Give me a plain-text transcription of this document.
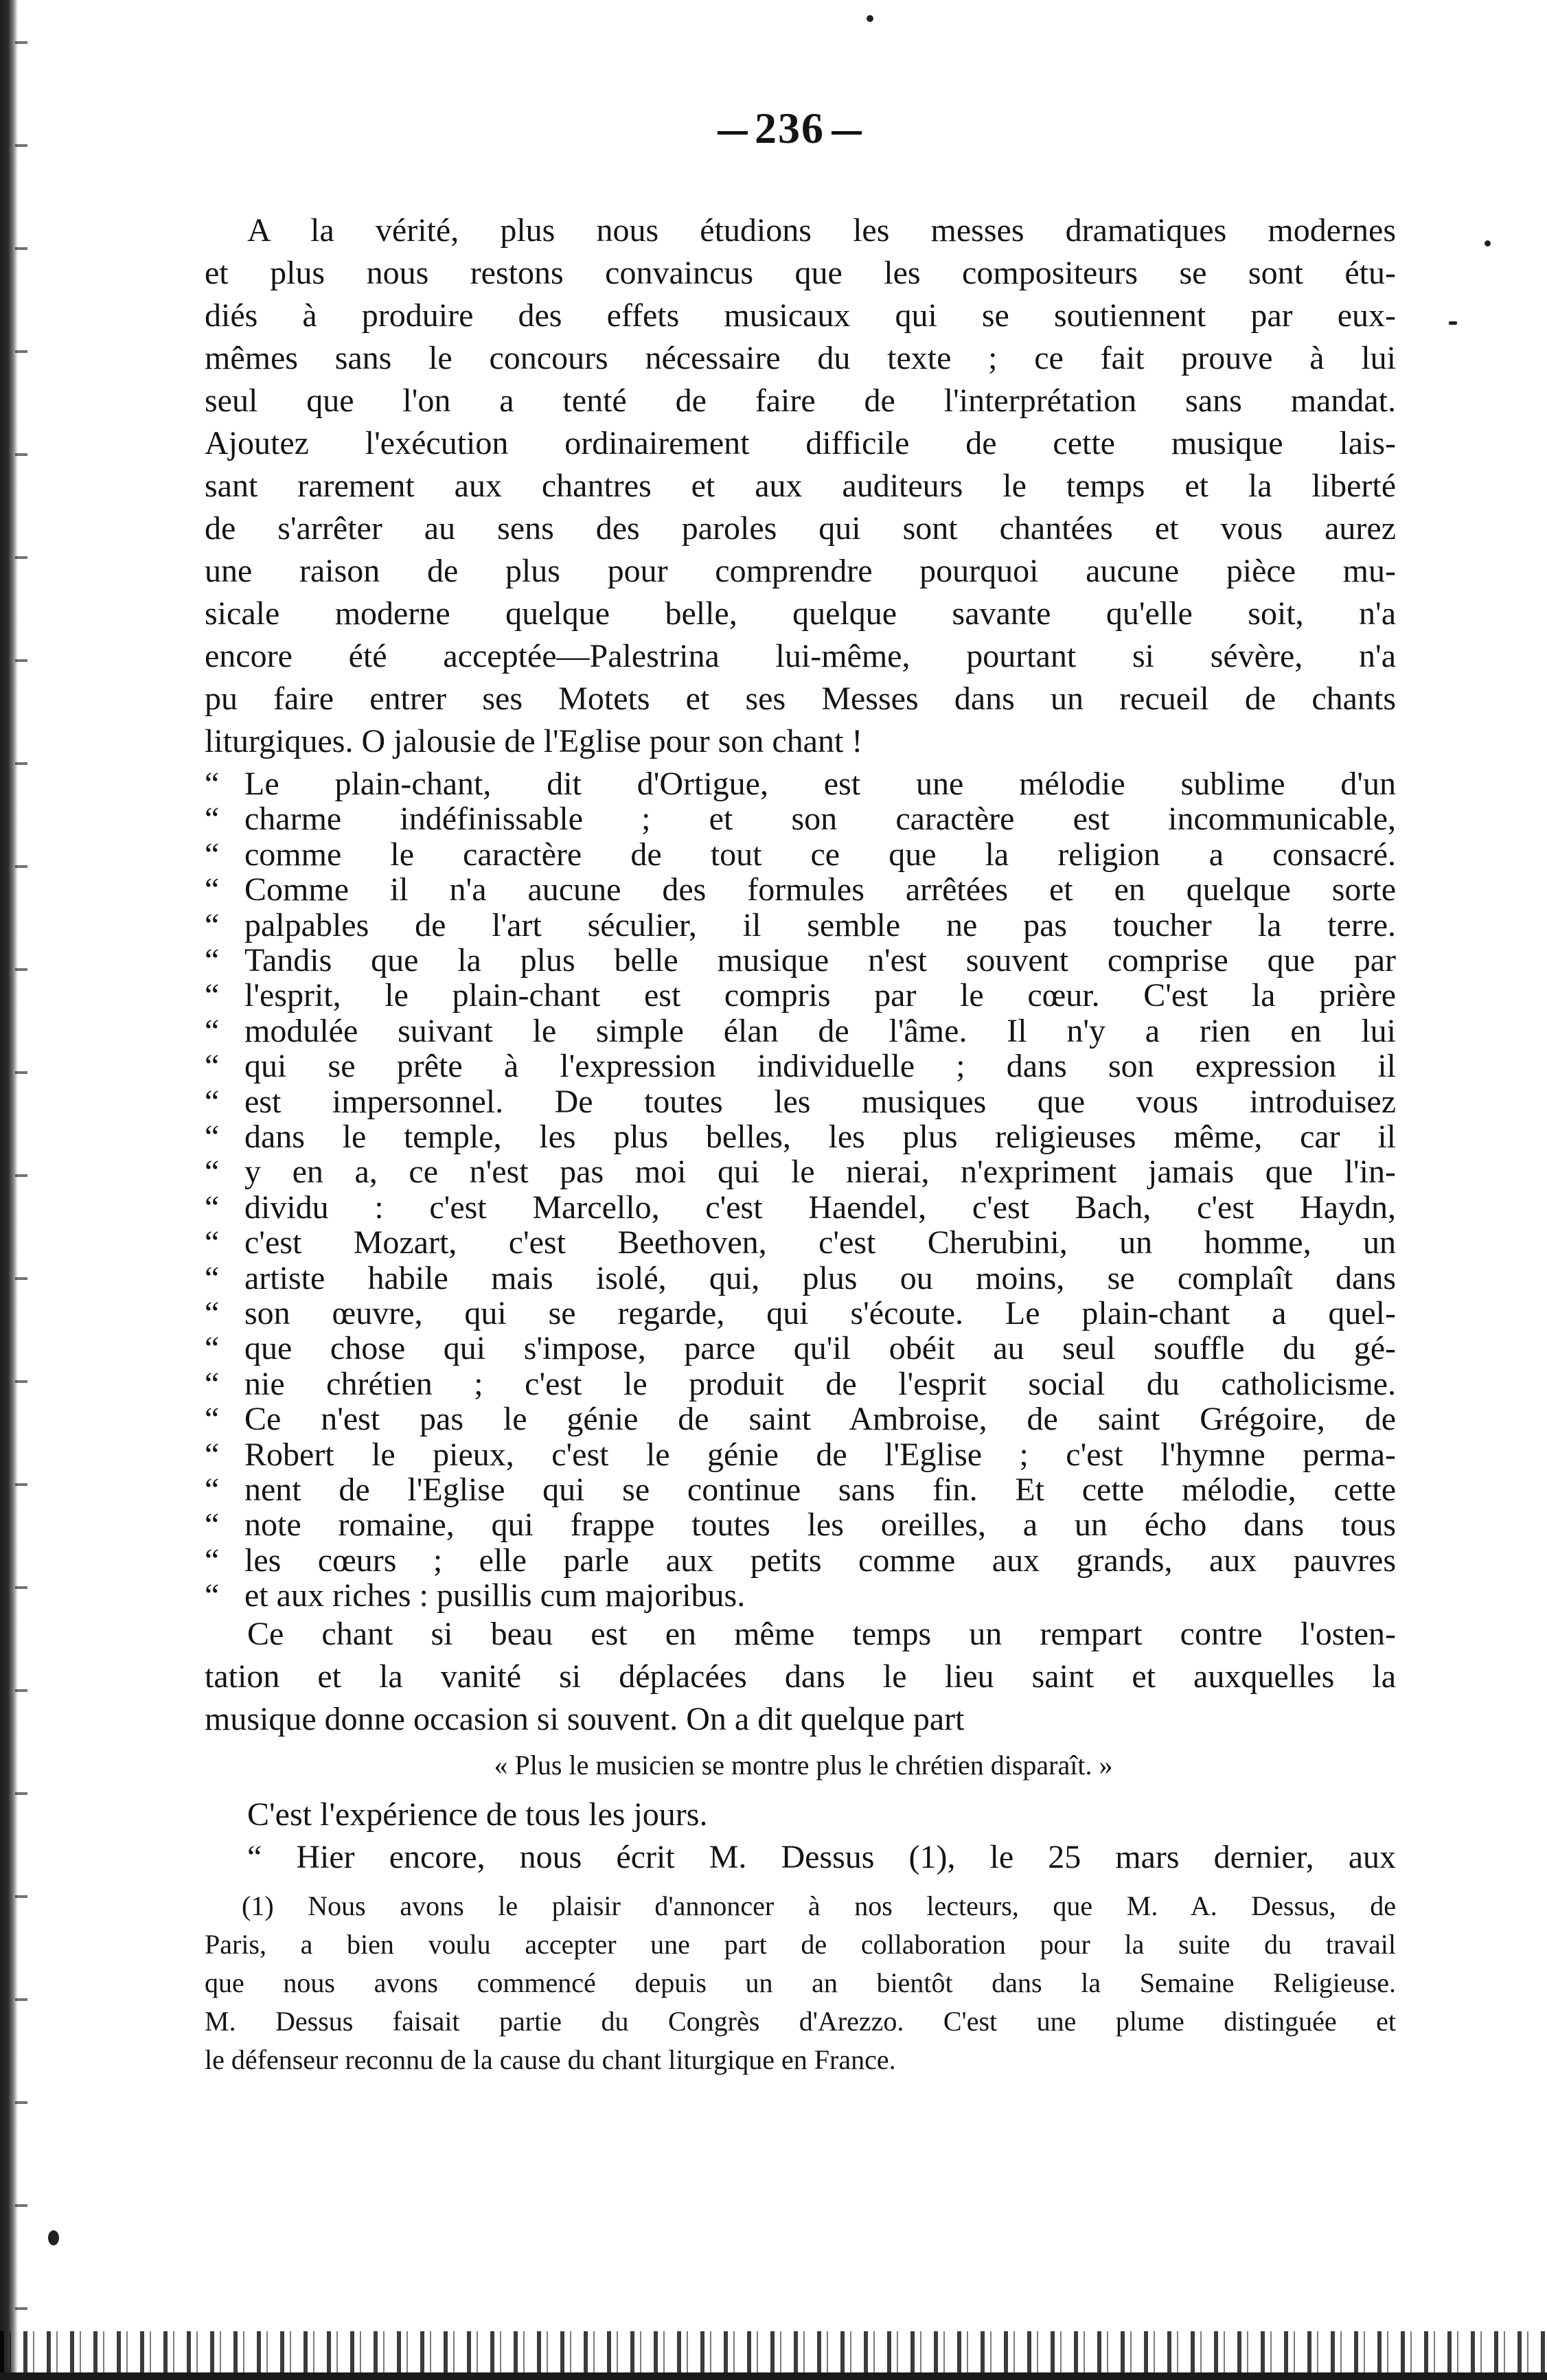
236
A la vérité, plus nous étudions les messes dramatiques modernes
et plus nous restons convaincus que les compositeurs se sont étu-
diés à produire des effets musicaux qui se soutiennent par eux-
mêmes sans le concours nécessaire du texte ; ce fait prouve à lui
seul que l'on a tenté de faire de l'interprétation sans mandat.
Ajoutez l'exécution ordinairement difficile de cette musique lais-
sant rarement aux chantres et aux auditeurs le temps et la liberté
de s'arrêter au sens des paroles qui sont chantées et vous aurez
une raison de plus pour comprendre pourquoi aucune pièce mu-
sicale moderne quelque belle, quelque savante qu'elle soit, n'a
encore été acceptée—Palestrina lui-même, pourtant si sévère, n'a
pu faire entrer ses Motets et ses Messes dans un recueil de chants
liturgiques. O jalousie de l'Eglise pour son chant !
“ Le plain-chant, dit d'Ortigue, est une mélodie sublime d'un
“ charme indéfinissable ; et son caractère est incommunicable,
“ comme le caractère de tout ce que la religion a consacré.
“ Comme il n'a aucune des formules arrêtées et en quelque sorte
“ palpables de l'art séculier, il semble ne pas toucher la terre.
“ Tandis que la plus belle musique n'est souvent comprise que par
“ l'esprit, le plain-chant est compris par le cœur. C'est la prière
“ modulée suivant le simple élan de l'âme. Il n'y a rien en lui
“ qui se prête à l'expression individuelle ; dans son expression il
“ est impersonnel. De toutes les musiques que vous introduisez
“ dans le temple, les plus belles, les plus religieuses même, car il
“ y en a, ce n'est pas moi qui le nierai, n'expriment jamais que l'in-
“ dividu : c'est Marcello, c'est Haendel, c'est Bach, c'est Haydn,
“ c'est Mozart, c'est Beethoven, c'est Cherubini, un homme, un
“ artiste habile mais isolé, qui, plus ou moins, se complaît dans
“ son œuvre, qui se regarde, qui s'écoute. Le plain-chant a quel-
“ que chose qui s'impose, parce qu'il obéit au seul souffle du gé-
“ nie chrétien ; c'est le produit de l'esprit social du catholicisme.
“ Ce n'est pas le génie de saint Ambroise, de saint Grégoire, de
“ Robert le pieux, c'est le génie de l'Eglise ; c'est l'hymne perma-
“ nent de l'Eglise qui se continue sans fin. Et cette mélodie, cette
“ note romaine, qui frappe toutes les oreilles, a un écho dans tous
“ les cœurs ; elle parle aux petits comme aux grands, aux pauvres
“ et aux riches : pusillis cum majoribus.
Ce chant si beau est en même temps un rempart contre l'osten-
tation et la vanité si déplacées dans le lieu saint et auxquelles la
musique donne occasion si souvent. On a dit quelque part
« Plus le musicien se montre plus le chrétien disparaît. »
C'est l'expérience de tous les jours.
“ Hier encore, nous écrit M. Dessus (1), le 25 mars dernier, aux
(1) Nous avons le plaisir d'annoncer à nos lecteurs, que M. A. Dessus, de
Paris, a bien voulu accepter une part de collaboration pour la suite du travail
que nous avons commencé depuis un an bientôt dans la Semaine Religieuse.
M. Dessus faisait partie du Congrès d'Arezzo. C'est une plume distinguée et
le défenseur reconnu de la cause du chant liturgique en France.
